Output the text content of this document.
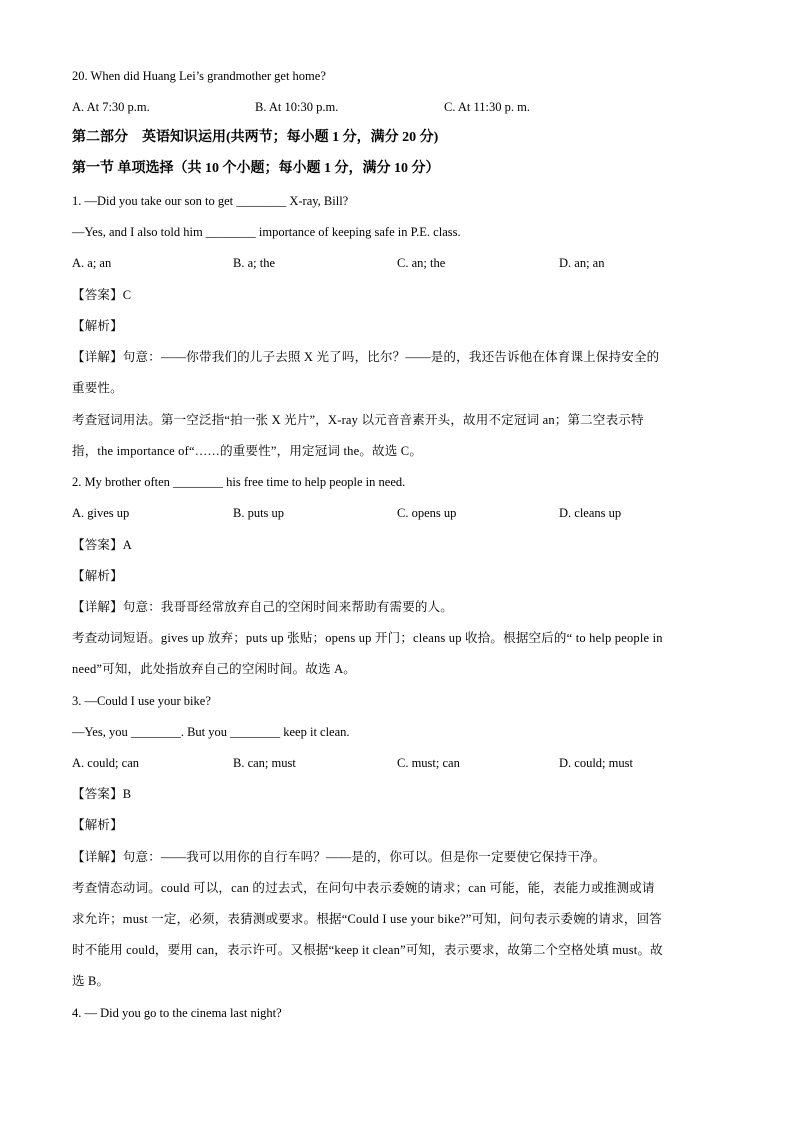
20. When did Huang Lei’s grandmother get home?
A. At 7:30 p.m.	B. At 10:30 p.m.	C. At 11:30 p. m.
第二部分　英语知识运用(共两节；每小题 1 分，满分 20 分)
第一节 单项选择（共 10 个小题；每小题 1 分，满分 10 分）
1. —Did you take our son to get ________ X-ray, Bill?
—Yes, and I also told him ________ importance of keeping safe in P.E. class.
A. a; an	B. a; the	C. an; the	D. an; an
【答案】C
【解析】
【详解】句意：——你带我们的儿子去照 X 光了吗，比尔？——是的，我还告诉他在体育课上保持安全的
重要性。
考查冠词用法。第一空泛指“拍一张 X 光片”，X-ray 以元音音素开头，故用不定冠词 an；第二空表示特
指，the importance of“……的重要性”，用定冠词 the。故选 C。
2. My brother often ________ his free time to help people in need.
A. gives up	B. puts up	C. opens up	D. cleans up
【答案】A
【解析】
【详解】句意：我哥哥经常放弃自己的空闲时间来帮助有需要的人。
考查动词短语。gives up 放弃；puts up 张贴；opens up 开门；cleans up 收拾。根据空后的“ to help people in
need”可知，此处指放弃自己的空闲时间。故选 A。
3. —Could I use your bike?
—Yes, you ________. But you ________ keep it clean.
A. could; can	B. can; must	C. must; can	D. could; must
【答案】B
【解析】
【详解】句意：——我可以用你的自行车吗？——是的，你可以。但是你一定要使它保持干净。
考查情态动词。could 可以，can 的过去式，在问句中表示委婉的请求；can 可能，能，表能力或推测或请
求允许；must 一定，必须，表猜测或要求。根据“Could I use your bike?”可知，问句表示委婉的请求，回答
时不能用 could，要用 can，表示许可。又根据“keep it clean”可知，表示要求，故第二个空格处填 must。故
选 B。
4. — Did you go to the cinema last night?
